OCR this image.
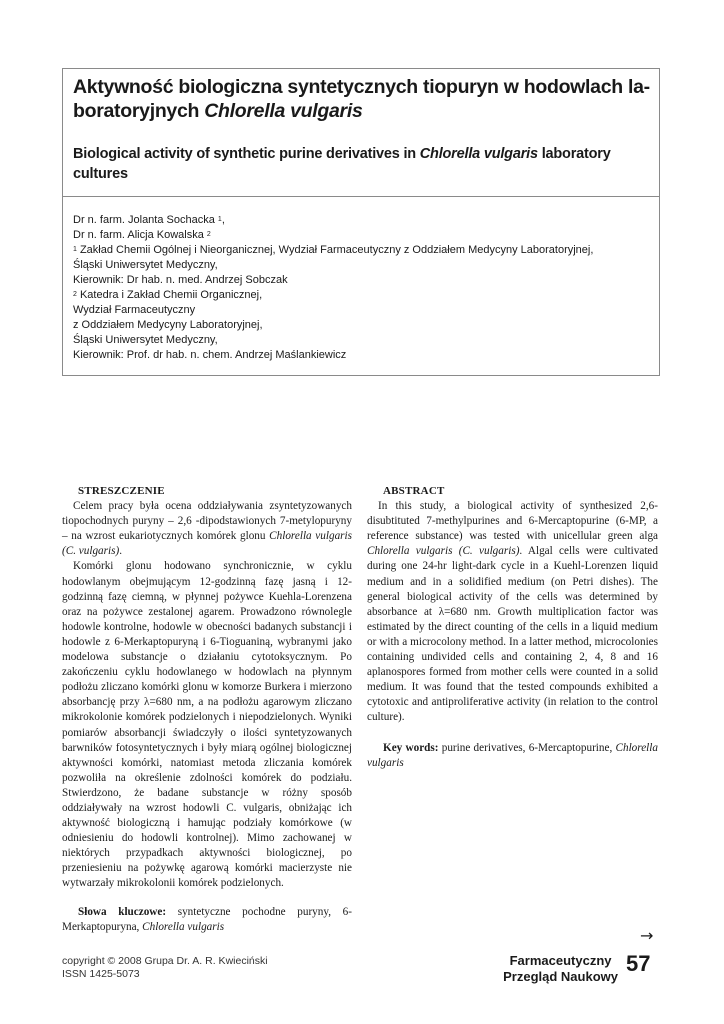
Aktywność biologiczna syntetycznych tiopuryn w hodowlach la-
boratoryjnych Chlorella vulgaris

Biological activity of synthetic purine derivatives in Chlorella vulgaris laboratory
cultures

Dr n. farm. Jolanta Sochacka $^1$,
Dr n. farm. Alicja Kowalska $^2$
$^1$ Zakład Chemii Ogólnej i Nieorganicznej, Wydział Farmaceutyczny z Oddziałem Medycyny Laboratoryjnej,
Śląski Uniwersytet Medyczny,
Kierownik: Dr hab. n. med. Andrzej Sobczak
$^2$ Katedra i Zakład Chemii Organicznej,
Wydział Farmaceutyczny
z Oddziałem Medycyny Laboratoryjnej,
Śląski Uniwersytet Medyczny,
Kierownik: Prof. dr hab. n. chem. Andrzej Maślankiewicz
STRESZCZENIE

Celem pracy była ocena oddziaływania zsyntetyzowanych tiopochodnych puryny – 2,6 -dipodstawionych 7-metylopuryny – na wzrost eukariotycznych komórek glonu Chlorella vulgaris (C. vulgaris).

Komórki glonu hodowano synchronicznie, w cyklu hodowlanym obejmującym 12-godzinną fazę jasną i 12-godzinną fazę ciemną, w płynnej pożywce Kuehla-Lorenzena oraz na pożywce zestalonej agarem. Prowadzono równolegle hodowle kontrolne, hodowle w obecności badanych substancji i hodowle z 6-Merkaptopuryną i 6-Tioguaniną, wybranymi jako modelowa substancje o działaniu cytotoksycznym. Po zakończeniu cyklu hodowlanego w hodowlach na płynnym podłożu zliczano komórki glonu w komorze Burkera i mierzono absorbancję przy λ=680 nm, a na podłożu agarowym zliczano mikrokolonie komórek podzielonych i niepodzielonych. Wyniki pomiarów absorbancji świadczyły o ilości syntetyzowanych barwników fotosyntetycznych i były miarą ogólnej biologicznej aktywności komórki, natomiast metoda zliczania komórek pozwoliła na określenie zdolności komórek do podziału. Stwierdzono, że badane substancje w różny sposób oddziaływały na wzrost hodowli C. vulgaris, obniżając ich aktywność biologiczną i hamując podziały komórkowe (w odniesieniu do hodowli kontrolnej). Mimo zachowanej w niektórych przypadkach aktywności biologicznej, po przeniesieniu na pożywkę agarową komórki macierzyste nie wytwarzały mikrokolonii komórek podzielonych.

Słowa kluczowe: syntetyczne pochodne puryny, 6-Merkaptopuryna, Chlorella vulgaris

ABSTRACT

In this study, a biological activity of synthesized 2,6-disubtituted 7-methylpurines and 6-Mercaptopurine (6-MP, a reference substance) was tested with unicellular green alga Chlorella vulgaris (C. vulgaris). Algal cells were cultivated during one 24-hr light-dark cycle in a Kuehl-Lorenzen liquid medium and in a solidified medium (on Petri dishes). The general biological activity of the cells was determined by absorbance at λ=680 nm. Growth multiplication factor was estimated by the direct counting of the cells in a liquid medium or with a microcolony method. In a latter method, microcolonies containing undivided cells and containing 2, 4, 8 and 16 aplanospores formed from mother cells were counted in a solid medium. It was found that the tested compounds exhibited a cytotoxic and antiproliferative activity (in relation to the control culture).

Key words: purine derivatives, 6-Mercaptopurine, Chlorella vulgaris

→
copyright © 2008 Grupa Dr. A. R. Kwieciński
ISSN 1425-5073
Farmaceutyczny
Przegląd Naukowy
57
